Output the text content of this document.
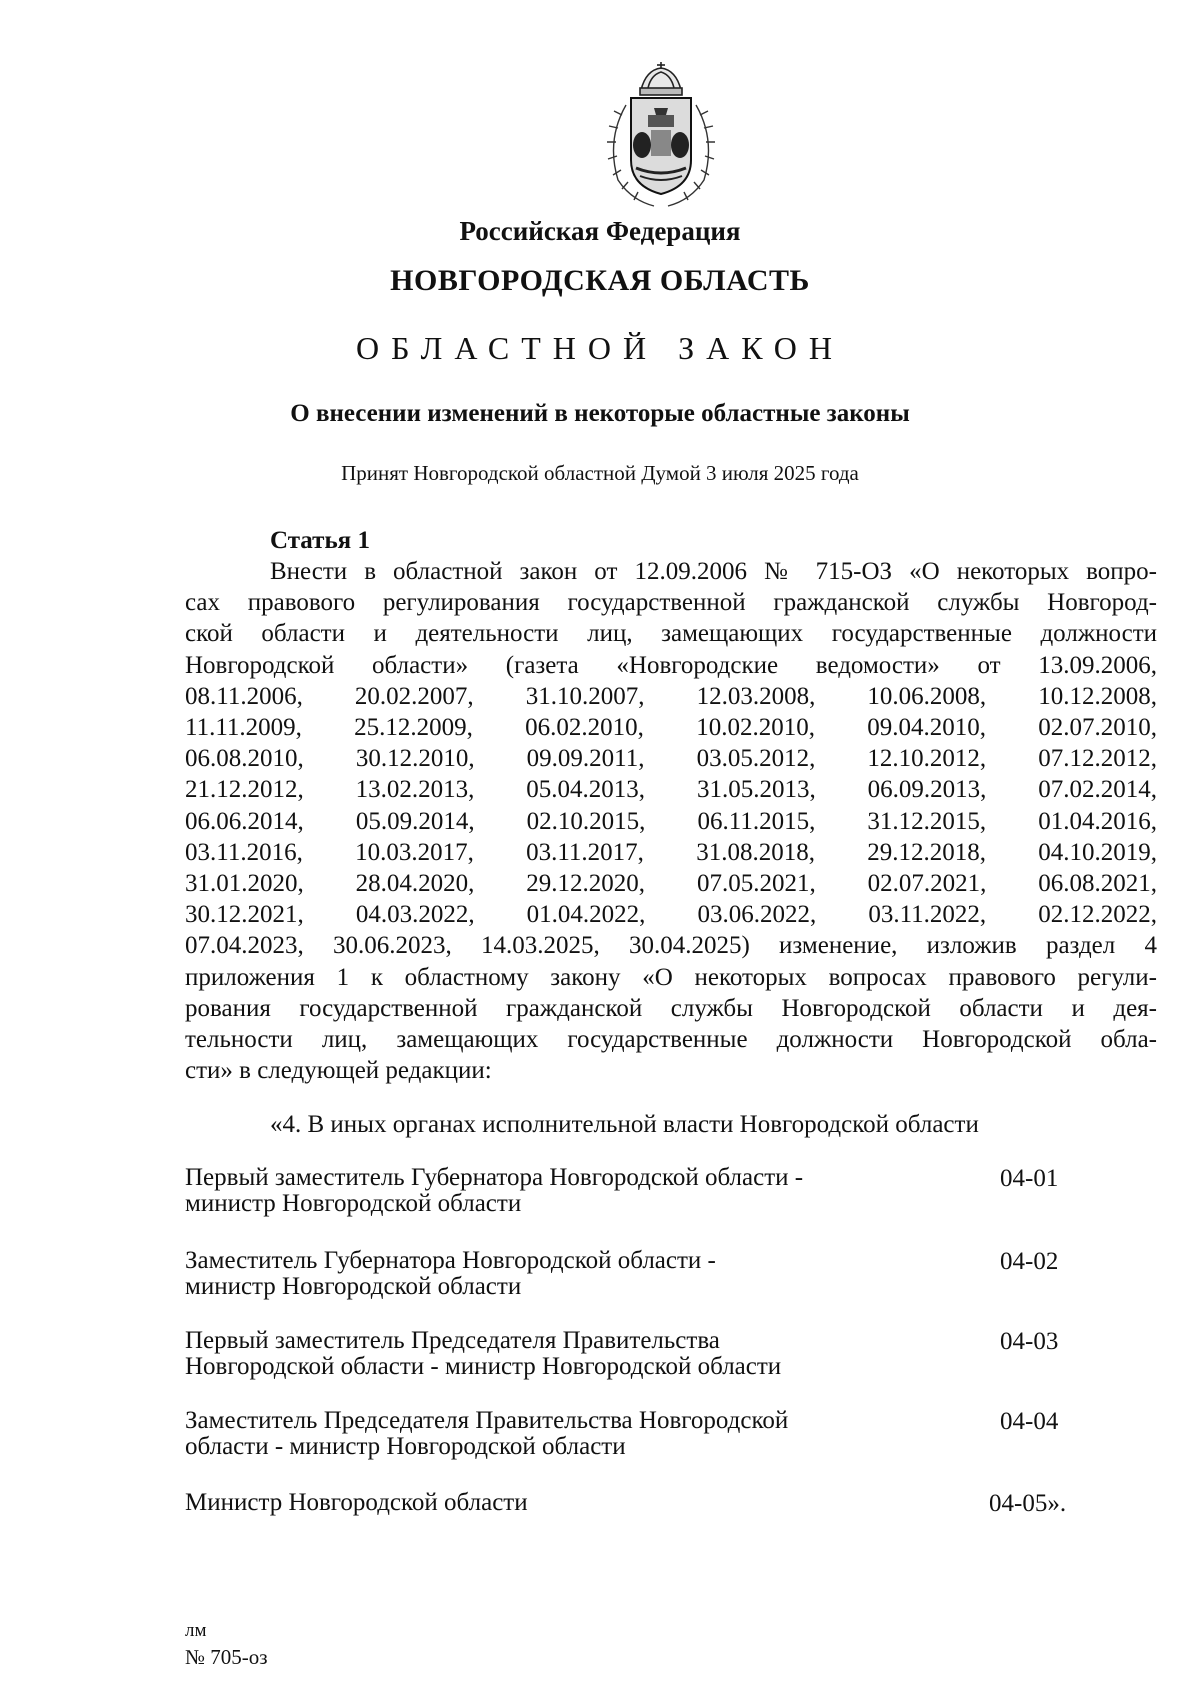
Российская Федерация
НОВГОРОДСКАЯ ОБЛАСТЬ
ОБЛАСТНОЙ ЗАКОН
О внесении изменений в некоторые областные законы
Принят Новгородской областной Думой 3 июля 2025 года
Статья 1
Внести в областной закон от 12.09.2006 № 715-ОЗ «О некоторых вопро-
сах правового регулирования государственной гражданской службы Новгород-
ской области и деятельности лиц, замещающих государственные должности
Новгородской области» (газета «Новгородские ведомости» от 13.09.2006,
08.11.2006, 20.02.2007, 31.10.2007, 12.03.2008, 10.06.2008, 10.12.2008,
11.11.2009, 25.12.2009, 06.02.2010, 10.02.2010, 09.04.2010, 02.07.2010,
06.08.2010, 30.12.2010, 09.09.2011, 03.05.2012, 12.10.2012, 07.12.2012,
21.12.2012, 13.02.2013, 05.04.2013, 31.05.2013, 06.09.2013, 07.02.2014,
06.06.2014, 05.09.2014, 02.10.2015, 06.11.2015, 31.12.2015, 01.04.2016,
03.11.2016, 10.03.2017, 03.11.2017, 31.08.2018, 29.12.2018, 04.10.2019,
31.01.2020, 28.04.2020, 29.12.2020, 07.05.2021, 02.07.2021, 06.08.2021,
30.12.2021, 04.03.2022, 01.04.2022, 03.06.2022, 03.11.2022, 02.12.2022,
07.04.2023, 30.06.2023, 14.03.2025, 30.04.2025) изменение, изложив раздел 4
приложения 1 к областному закону «О некоторых вопросах правового регули-
рования государственной гражданской службы Новгородской области и дея-
тельности лиц, замещающих государственные должности Новгородской обла-
сти» в следующей редакции:
«4. В иных органах исполнительной власти Новгородской области
Первый заместитель Губернатора Новгородской области -
министр Новгородской области
04-01
Заместитель Губернатора Новгородской области -
министр Новгородской области
04-02
Первый заместитель Председателя Правительства
Новгородской области - министр Новгородской области
04-03
Заместитель Председателя Правительства Новгородской
области - министр Новгородской области
04-04
Министр Новгородской области	04-05».
лм
№ 705-оз
